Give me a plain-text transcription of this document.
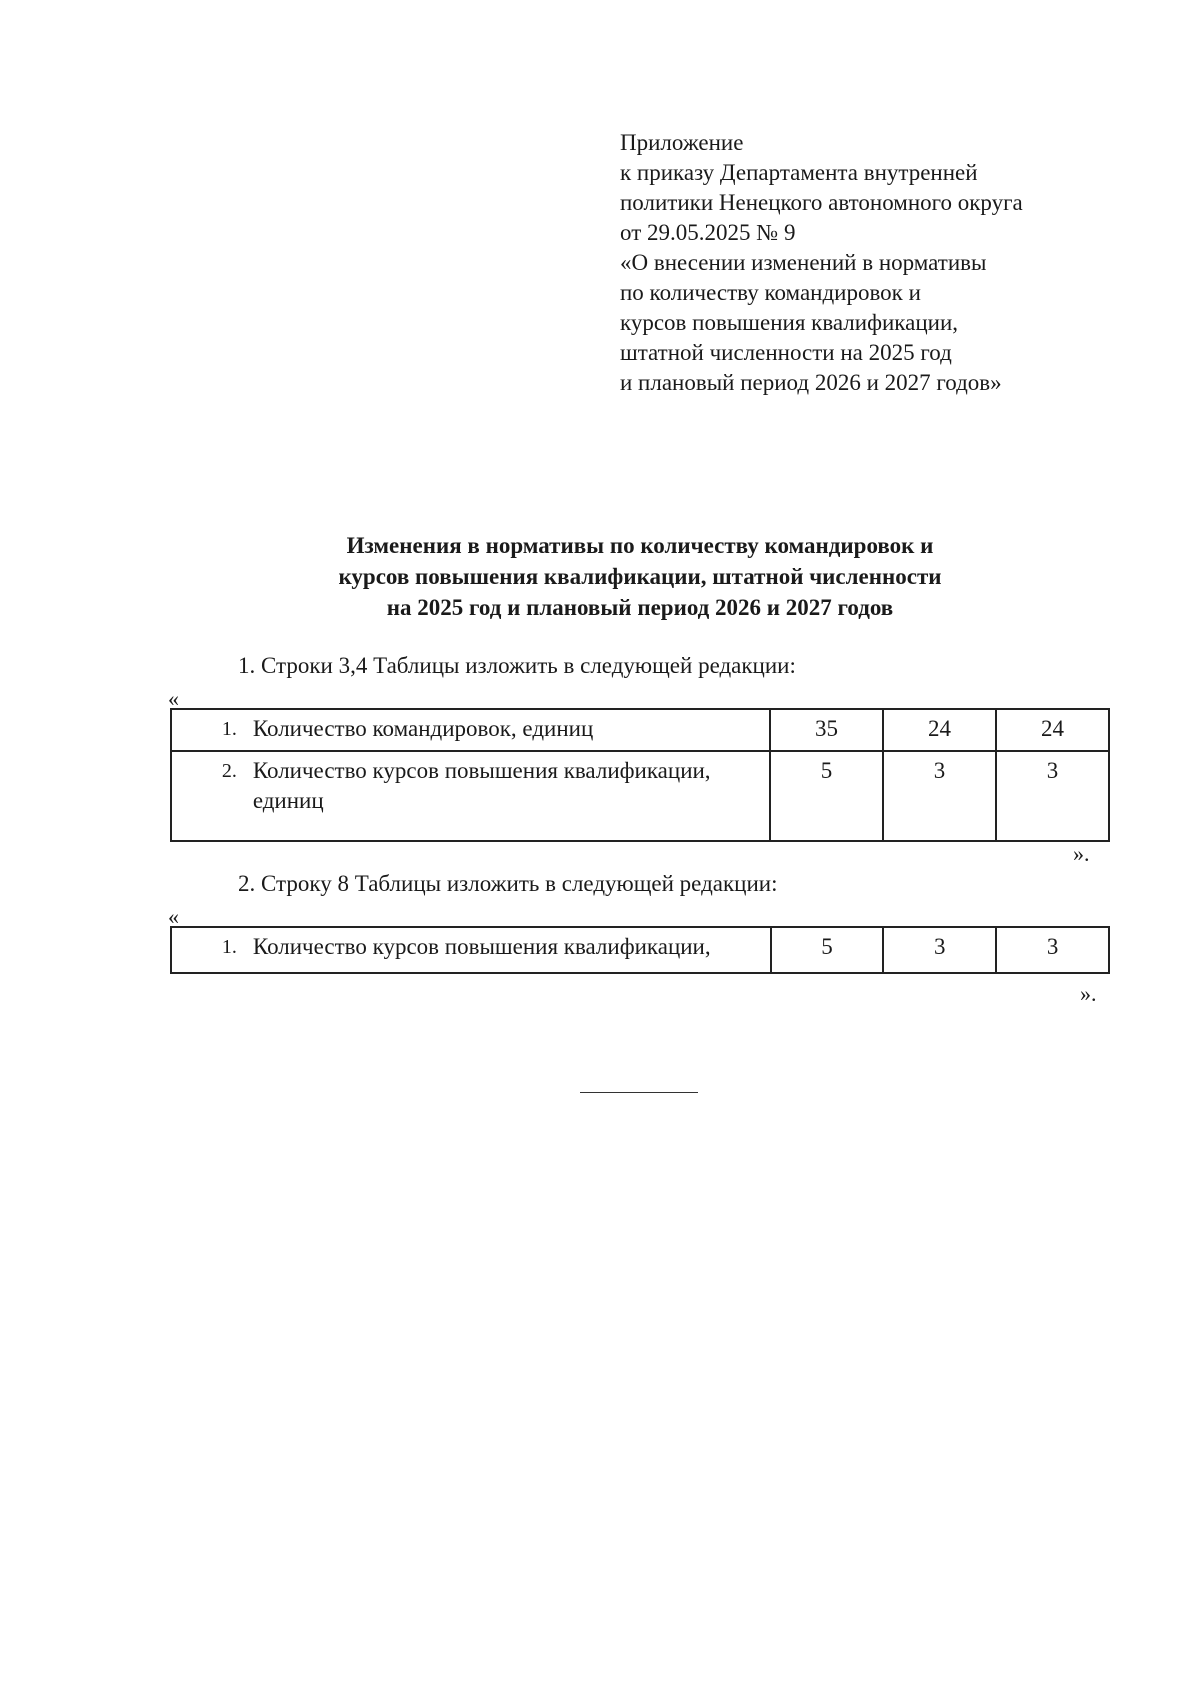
Приложение
к приказу Департамента внутренней
политики Ненецкого автономного округа
от 29.05.2025 № 9
«О внесении изменений в нормативы
по количеству командировок и
курсов повышения квалификации,
штатной численности на 2025 год
и плановый период 2026 и 2027 годов»
Изменения в нормативы по количеству командировок и
курсов повышения квалификации, штатной численности
на 2025 год и плановый период 2026 и 2027 годов
1. Строки 3,4 Таблицы изложить в следующей редакции:
«
1.	Количество командировок, единиц	35	24	24
2.	Количество курсов повышения квалификации, единиц	5	3	3
».
2. Строку 8 Таблицы изложить в следующей редакции:
«
1.	Количество курсов повышения квалификации,	5	3	3
».
